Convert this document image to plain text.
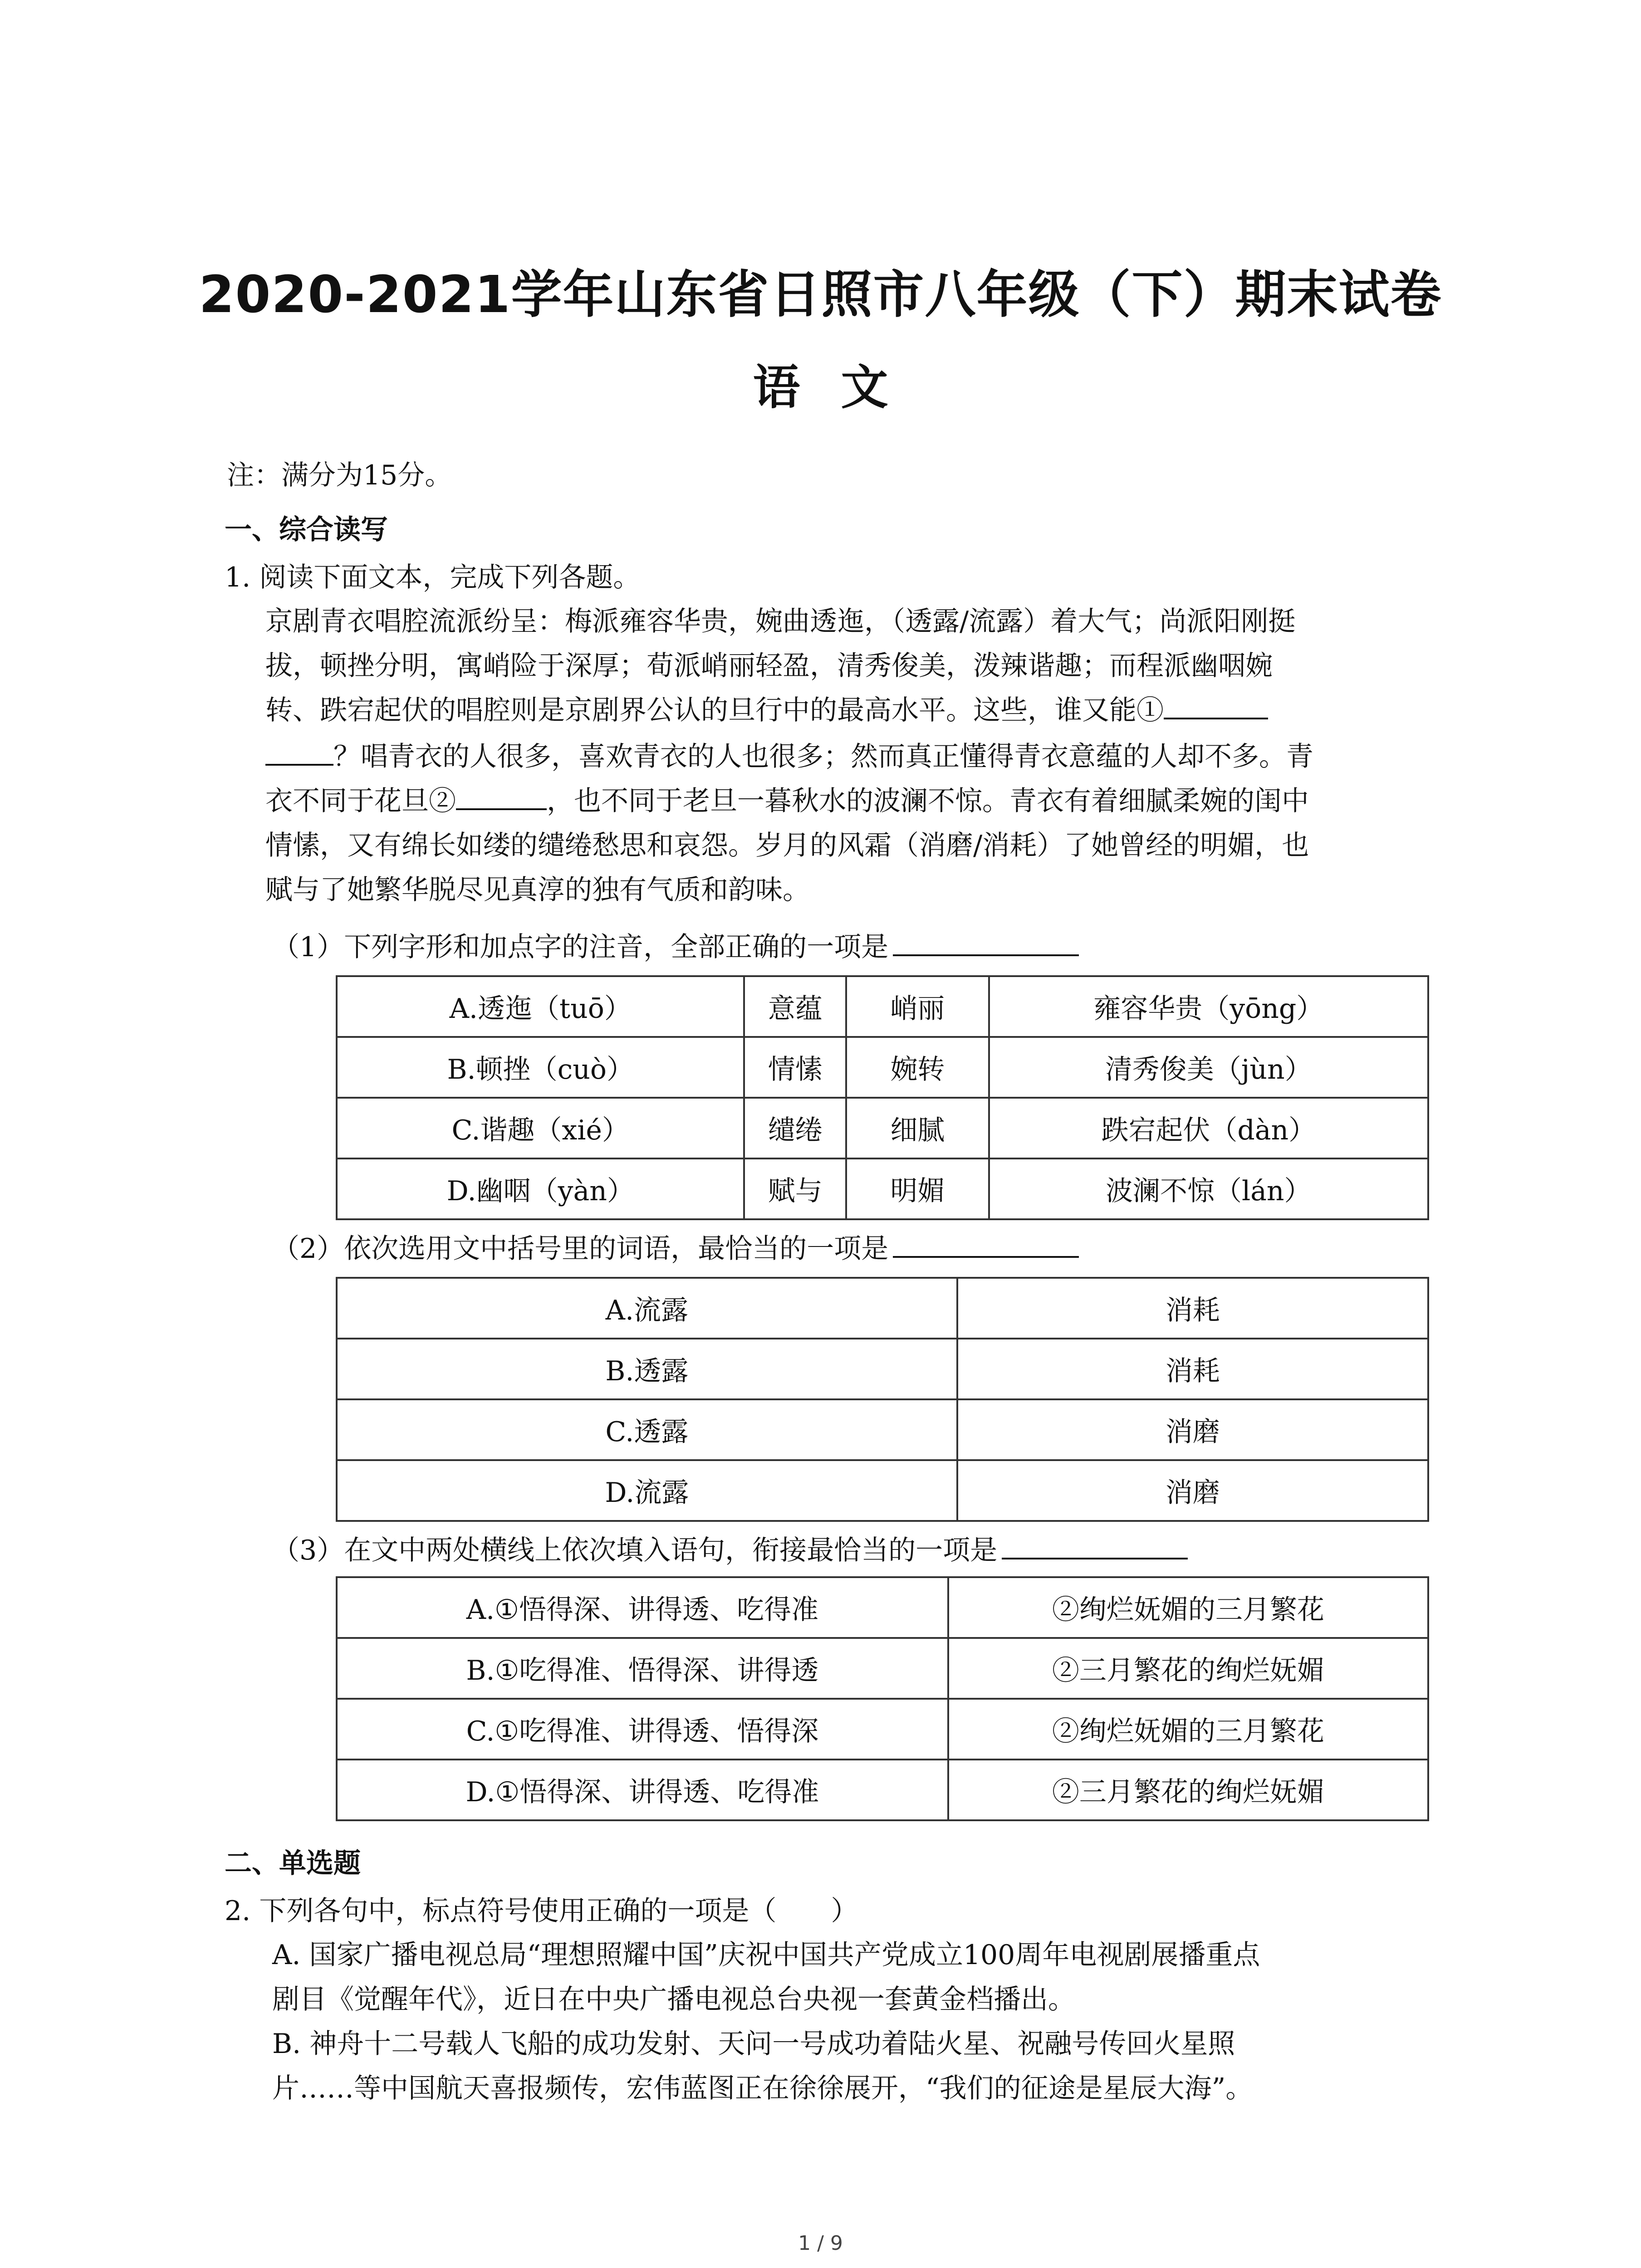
2020-2021学年山东省日照市八年级（下）期末试卷
语文
注：满分为15分。
一、综合读写
1. 阅读下面文本，完成下列各题。
京剧青衣唱腔流派纷呈：梅派雍容华贵，婉曲透迤，（透露/流露）着大气；尚派阳刚挺
拔，顿挫分明，寓峭险于深厚；荀派峭丽轻盈，清秀俊美，泼辣谐趣；而程派幽咽婉
转、跌宕起伏的唱腔则是京剧界公认的旦行中的最高水平。这些，谁又能①
？唱青衣的人很多，喜欢青衣的人也很多；然而真正懂得青衣意蕴的人却不多。青
衣不同于花旦②	，也不同于老旦一暮秋水的波澜不惊。青衣有着细腻柔婉的闺中
情愫，又有绵长如缕的缱绻愁思和哀怨。岁月的风霜（消磨/消耗）了她曾经的明媚，也
赋与了她繁华脱尽见真淳的独有气质和韵味。
（1）下列字形和加点字的注音，全部正确的一项是
A.透迤（tuō）	意蕴	峭丽	雍容华贵（yōng）
B.顿挫（cuò）	情愫	婉转	清秀俊美（jùn）
C.谐趣（xié）	缱绻	细腻	跌宕起伏（dàn）
D.幽咽（yàn）	赋与	明媚	波澜不惊（lán）
（2）依次选用文中括号里的词语，最恰当的一项是
A.流露	消耗
B.透露	消耗
C.透露	消磨
D.流露	消磨
（3）在文中两处横线上依次填入语句，衔接最恰当的一项是
A.①悟得深、讲得透、吃得准	②绚烂妩媚的三月繁花
B.①吃得准、悟得深、讲得透	②三月繁花的绚烂妩媚
C.①吃得准、讲得透、悟得深	②绚烂妩媚的三月繁花
D.①悟得深、讲得透、吃得准	②三月繁花的绚烂妩媚
二、单选题
2. 下列各句中，标点符号使用正确的一项是（　　）
A. 国家广播电视总局“理想照耀中国”庆祝中国共产党成立100周年电视剧展播重点
剧目《觉醒年代》，近日在中央广播电视总台央视一套黄金档播出。
B. 神舟十二号载人飞船的成功发射、天问一号成功着陆火星、祝融号传回火星照
片……等中国航天喜报频传，宏伟蓝图正在徐徐展开，“我们的征途是星辰大海”。
1 / 9
